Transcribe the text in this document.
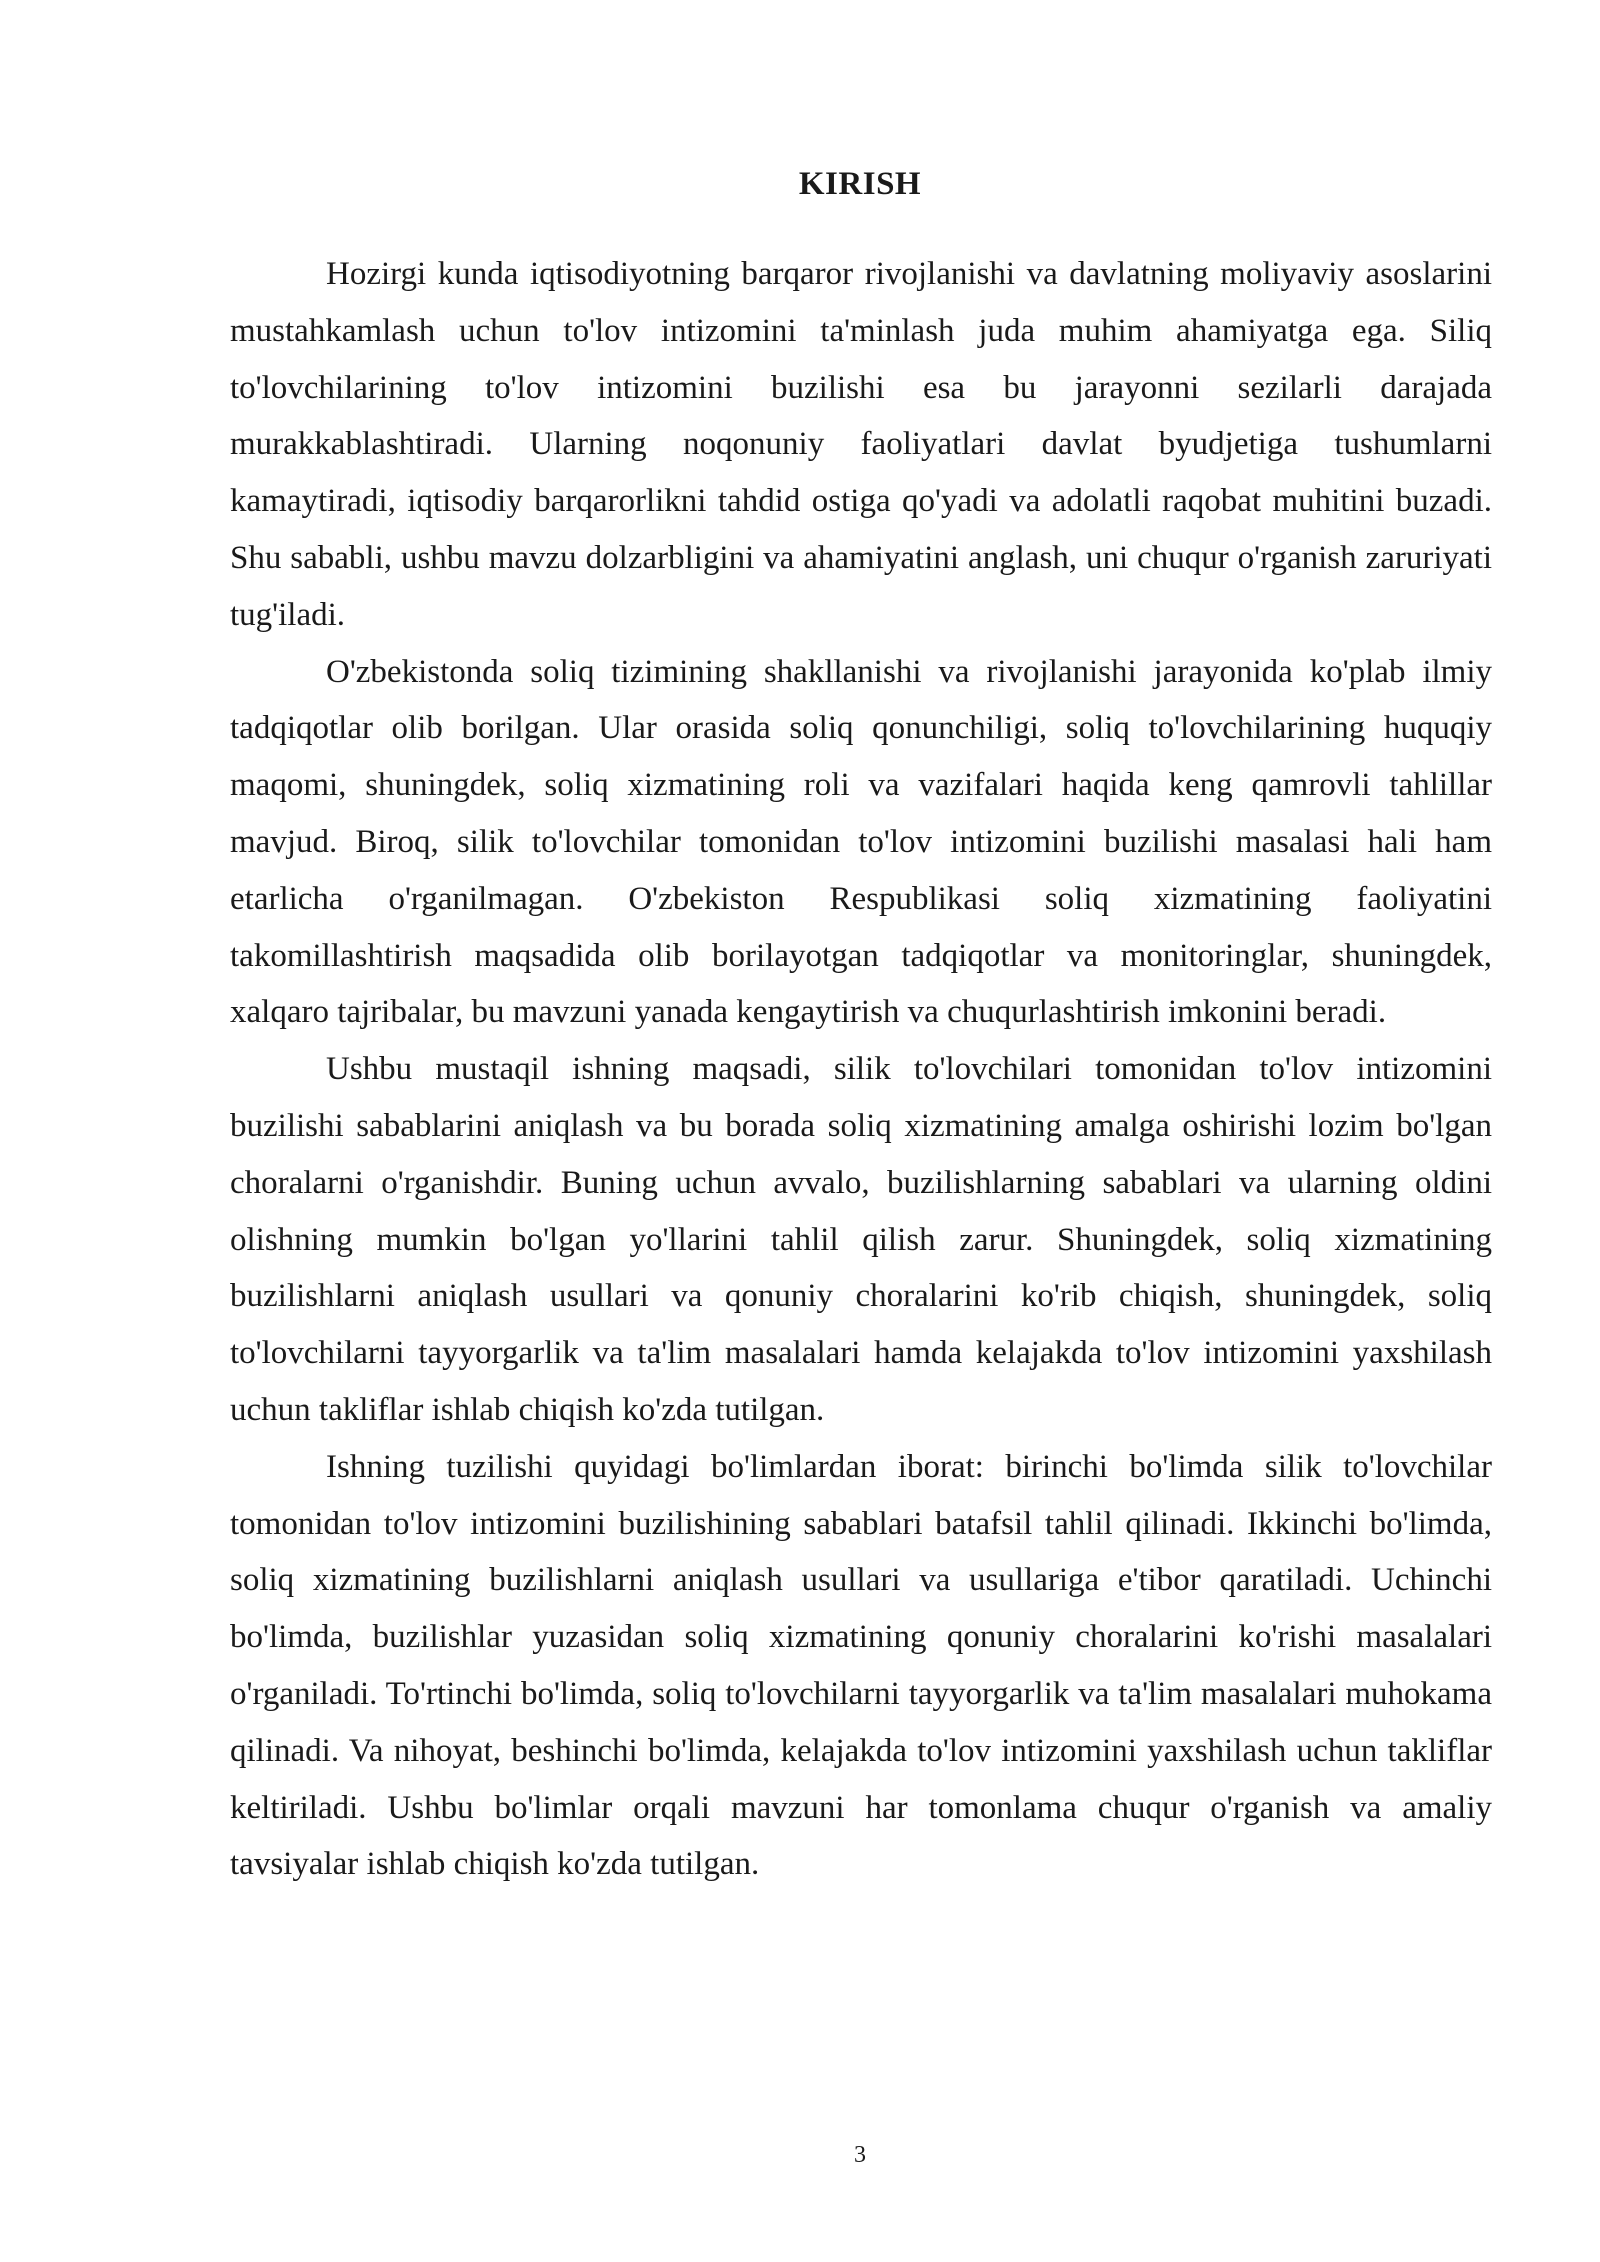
KIRISH

Hozirgi kunda iqtisodiyotning barqaror rivojlanishi va davlatning moliyaviy asoslarini mustahkamlash uchun to'lov intizomini ta'minlash juda muhim ahamiyatga ega. Siliq to'lovchilarining to'lov intizomini buzilishi esa bu jarayonni sezilarli darajada murakkablashtiradi. Ularning noqonuniy faoliyatlari davlat byudjetiga tushumlarni kamaytiradi, iqtisodiy barqarorlikni tahdid ostiga qo'yadi va adolatli raqobat muhitini buzadi. Shu sababli, ushbu mavzu dolzarbligini va ahamiyatini anglash, uni chuqur o'rganish zaruriyati tug'iladi.

O'zbekistonda soliq tizimining shakllanishi va rivojlanishi jarayonida ko'plab ilmiy tadqiqotlar olib borilgan. Ular orasida soliq qonunchiligi, soliq to'lovchilarining huquqiy maqomi, shuningdek, soliq xizmatining roli va vazifalari haqida keng qamrovli tahlillar mavjud. Biroq, silik to'lovchilar tomonidan to'lov intizomini buzilishi masalasi hali ham etarlicha o'rganilmagan. O'zbekiston Respublikasi soliq xizmatining faoliyatini takomillashtirish maqsadida olib borilayotgan tadqiqotlar va monitoringlar, shuningdek, xalqaro tajribalar, bu mavzuni yanada kengaytirish va chuqurlashtirish imkonini beradi.

Ushbu mustaqil ishning maqsadi, silik to'lovchilari tomonidan to'lov intizomini buzilishi sabablarini aniqlash va bu borada soliq xizmatining amalga oshirishi lozim bo'lgan choralarni o'rganishdir. Buning uchun avvalo, buzilishlarning sabablari va ularning oldini olishning mumkin bo'lgan yo'llarini tahlil qilish zarur. Shuningdek, soliq xizmatining buzilishlarni aniqlash usullari va qonuniy choralarini ko'rib chiqish, shuningdek, soliq to'lovchilarni tayyorgarlik va ta'lim masalalari hamda kelajakda to'lov intizomini yaxshilash uchun takliflar ishlab chiqish ko'zda tutilgan.

Ishning tuzilishi quyidagi bo'limlardan iborat: birinchi bo'limda silik to'lovchilar tomonidan to'lov intizomini buzilishining sabablari batafsil tahlil qilinadi. Ikkinchi bo'limda, soliq xizmatining buzilishlarni aniqlash usullari va usullariga e'tibor qaratiladi. Uchinchi bo'limda, buzilishlar yuzasidan soliq xizmatining qonuniy choralarini ko'rishi masalalari o'rganiladi. To'rtinchi bo'limda, soliq to'lovchilarni tayyorgarlik va ta'lim masalalari muhokama qilinadi. Va nihoyat, beshinchi bo'limda, kelajakda to'lov intizomini yaxshilash uchun takliflar keltiriladi. Ushbu bo'limlar orqali mavzuni har tomonlama chuqur o'rganish va amaliy tavsiyalar ishlab chiqish ko'zda tutilgan.

3
